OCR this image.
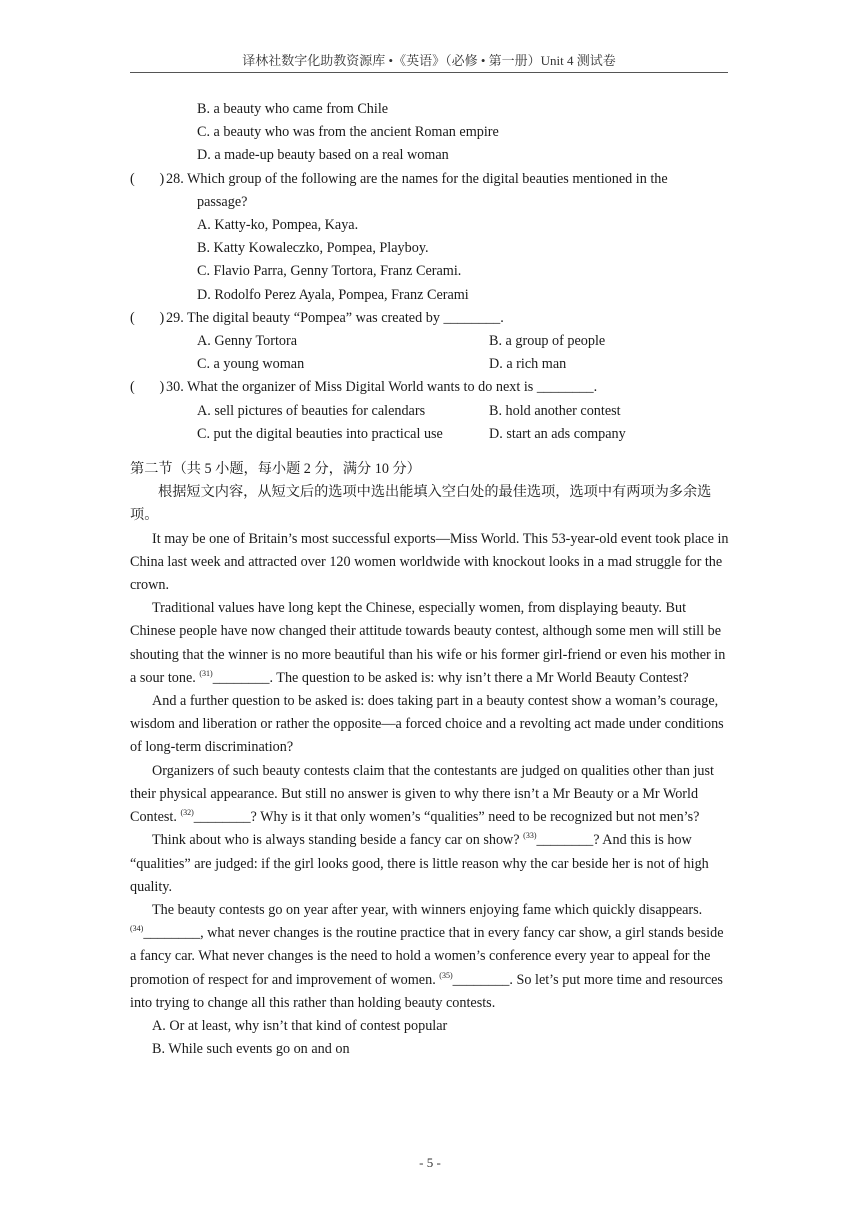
译林社数字化助教资源库 •《英语》（必修 • 第一册）Unit 4 测试卷
B. a beauty who came from Chile
C. a beauty who was from the ancient Roman empire
D. a made-up beauty based on a real woman
(       ) 28. Which group of the following are the names for the digital beauties mentioned in the
passage?
A. Katty-ko, Pompea, Kaya.
B. Katty Kowaleczko, Pompea, Playboy.
C. Flavio Parra, Genny Tortora, Franz Cerami.
D. Rodolfo Perez Ayala, Pompea, Franz Cerami
(       ) 29. The digital beauty “Pompea” was created by ________.
A. Genny Tortora	B. a group of people
C. a young woman	D. a rich man
(       ) 30. What the organizer of Miss Digital World wants to do next is ________.
A. sell pictures of beauties for calendars	B. hold another contest
C. put the digital beauties into practical use	D. start an ads company
第二节（共 5 小题，每小题 2 分，满分 10 分）
根据短文内容，从短文后的选项中选出能填入空白处的最佳选项，选项中有两项为多余选项。
It may be one of Britain’s most successful exports—Miss World. This 53-year-old event took place in China last week and attracted over 120 women worldwide with knockout looks in a mad struggle for the crown.
Traditional values have long kept the Chinese, especially women, from displaying beauty. But Chinese people have now changed their attitude towards beauty contest, although some men will still be shouting that the winner is no more beautiful than his wife or his former girl-friend or even his mother in a sour tone. $^{(31)}$________. The question to be asked is: why isn’t there a Mr World Beauty Contest?
And a further question to be asked is: does taking part in a beauty contest show a woman’s courage, wisdom and liberation or rather the opposite—a forced choice and a revolting act made under conditions of long-term discrimination?
Organizers of such beauty contests claim that the contestants are judged on qualities other than just their physical appearance. But still no answer is given to why there isn’t a Mr Beauty or a Mr World Contest. $^{(32)}$________? Why is it that only women’s “qualities” need to be recognized but not men’s?
Think about who is always standing beside a fancy car on show? $^{(33)}$________? And this is how “qualities” are judged: if the girl looks good, there is little reason why the car beside her is not of high quality.
The beauty contests go on year after year, with winners enjoying fame which quickly disappears. $^{(34)}$________, what never changes is the routine practice that in every fancy car show, a girl stands beside a fancy car. What never changes is the need to hold a women’s conference every year to appeal for the promotion of respect for and improvement of women. $^{(35)}$________. So let’s put more time and resources into trying to change all this rather than holding beauty contests.
A. Or at least, why isn’t that kind of contest popular
B. While such events go on and on
- 5 -
